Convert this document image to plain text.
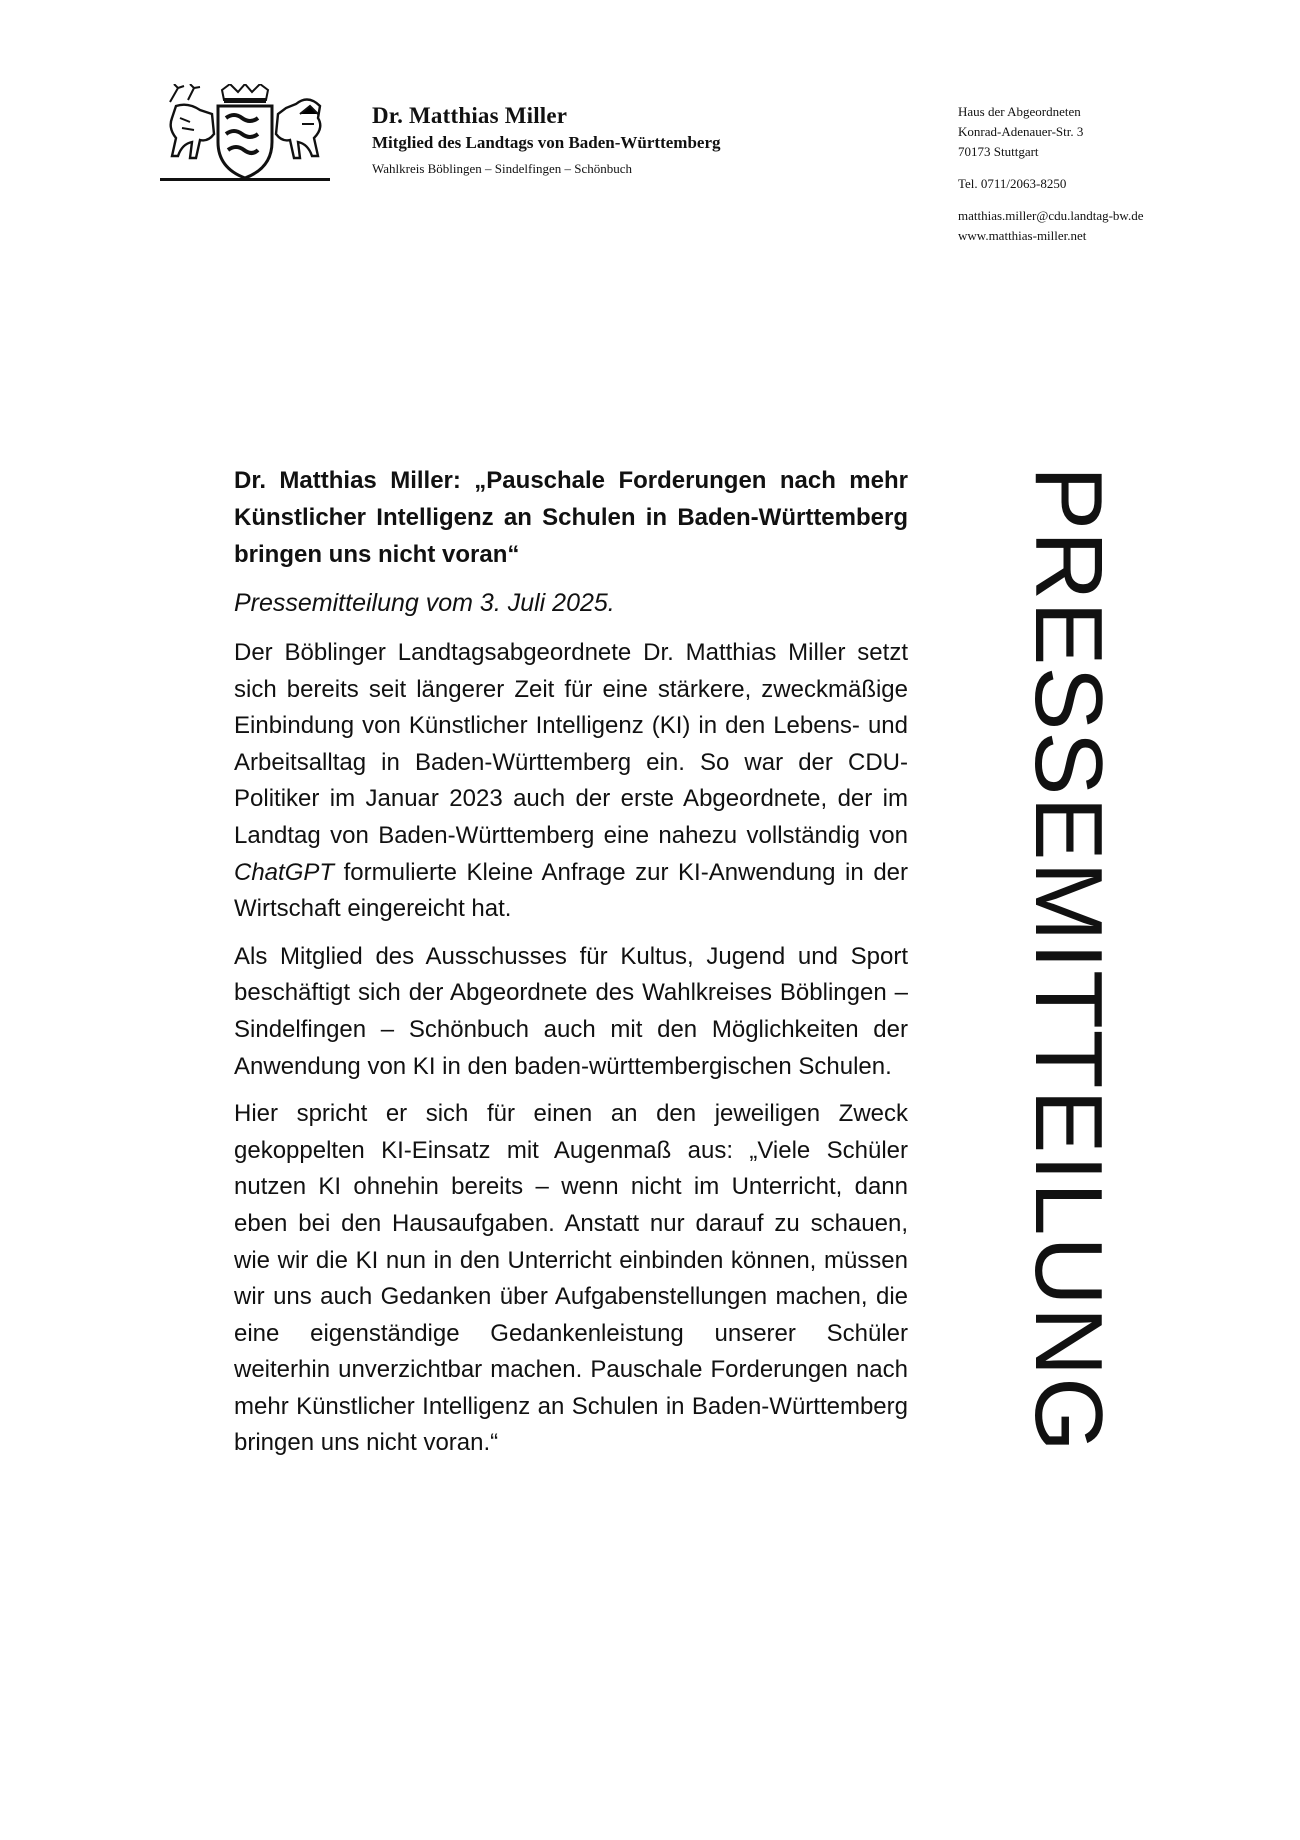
Dr. Matthias Miller
Mitglied des Landtags von Baden-Württemberg
Wahlkreis Böblingen – Sindelfingen – Schönbuch
Haus der Abgeordneten
Konrad-Adenauer-Str. 3
70173 Stuttgart
Tel. 0711/2063-8250
matthias.miller@cdu.landtag-bw.de
www.matthias-miller.net
Dr. Matthias Miller: „Pauschale Forderungen nach mehr Künstlicher Intelligenz an Schulen in Baden-Württemberg bringen uns nicht voran“
Pressemitteilung vom 3. Juli 2025.

Der Böblinger Landtagsabgeordnete Dr. Matthias Miller setzt sich bereits seit längerer Zeit für eine stärkere, zweckmäßige Einbindung von Künstlicher Intelligenz (KI) in den Lebens- und Arbeitsalltag in Baden-Württemberg ein. So war der CDU-Politiker im Januar 2023 auch der erste Abgeordnete, der im Landtag von Baden-Württemberg eine nahezu vollständig von ChatGPT formulierte Kleine Anfrage zur KI-Anwendung in der Wirtschaft eingereicht hat.

Als Mitglied des Ausschusses für Kultus, Jugend und Sport beschäftigt sich der Abgeordnete des Wahlkreises Böblingen – Sindelfingen – Schönbuch auch mit den Möglichkeiten der Anwendung von KI in den baden-württembergischen Schulen.

Hier spricht er sich für einen an den jeweiligen Zweck gekoppelten KI-Einsatz mit Augenmaß aus: „Viele Schüler nutzen KI ohnehin bereits – wenn nicht im Unterricht, dann eben bei den Hausaufgaben. Anstatt nur darauf zu schauen, wie wir die KI nun in den Unterricht einbinden können, müssen wir uns auch Gedanken über Aufgabenstellungen machen, die eine eigenständige Gedankenleistung unserer Schüler weiterhin unverzichtbar machen. Pauschale Forderungen nach mehr Künstlicher Intelligenz an Schulen in Baden-Württemberg bringen uns nicht voran.“	PRESSEMITTEILUNG
